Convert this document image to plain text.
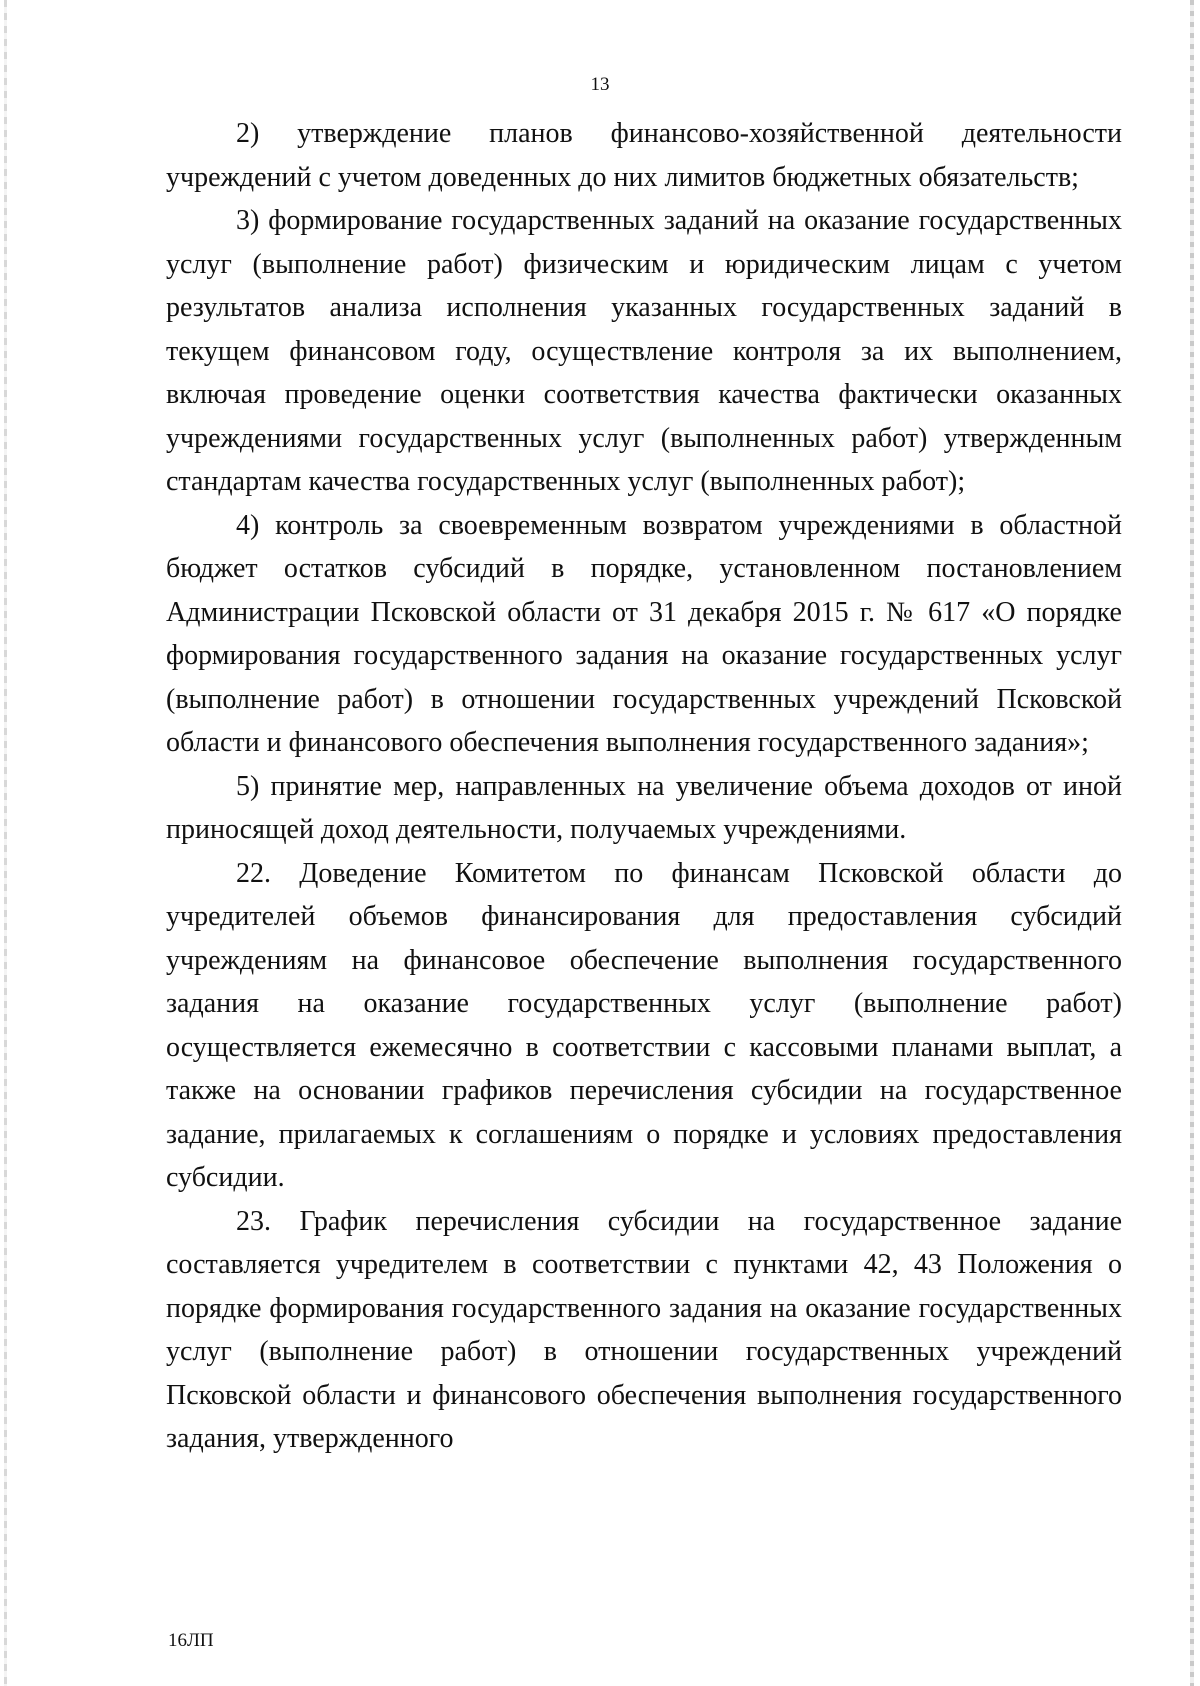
13

2) утверждение планов финансово-хозяйственной деятельности учреждений с учетом доведенных до них лимитов бюджетных обязательств;

3) формирование государственных заданий на оказание государственных услуг (выполнение работ) физическим и юридическим лицам с учетом результатов анализа исполнения указанных государственных заданий в текущем финансовом году, осуществление контроля за их выполнением, включая проведение оценки соответствия качества фактически оказанных учреждениями государственных услуг (выполненных работ) утвержденным стандартам качества государственных услуг (выполненных работ);

4) контроль за своевременным возвратом учреждениями в областной бюджет остатков субсидий в порядке, установленном постановлением Администрации Псковской области от 31 декабря 2015 г. № 617 «О порядке формирования государственного задания на оказание государственных услуг (выполнение работ) в отношении государственных учреждений Псковской области и финансового обеспечения выполнения государственного задания»;

5) принятие мер, направленных на увеличение объема доходов от иной приносящей доход деятельности, получаемых учреждениями.

22. Доведение Комитетом по финансам Псковской области до учредителей объемов финансирования для предоставления субсидий учреждениям на финансовое обеспечение выполнения государственного задания на оказание государственных услуг (выполнение работ) осуществляется ежемесячно в соответствии с кассовыми планами выплат, а также на основании графиков перечисления субсидии на государственное задание, прилагаемых к соглашениям о порядке и условиях предоставления субсидии.

23. График перечисления субсидии на государственное задание составляется учредителем в соответствии с пунктами 42, 43 Положения о порядке формирования государственного задания на оказание государственных услуг (выполнение работ) в отношении государственных учреждений Псковской области и финансового обеспечения выполнения государственного задания, утвержденного

16ЛП
